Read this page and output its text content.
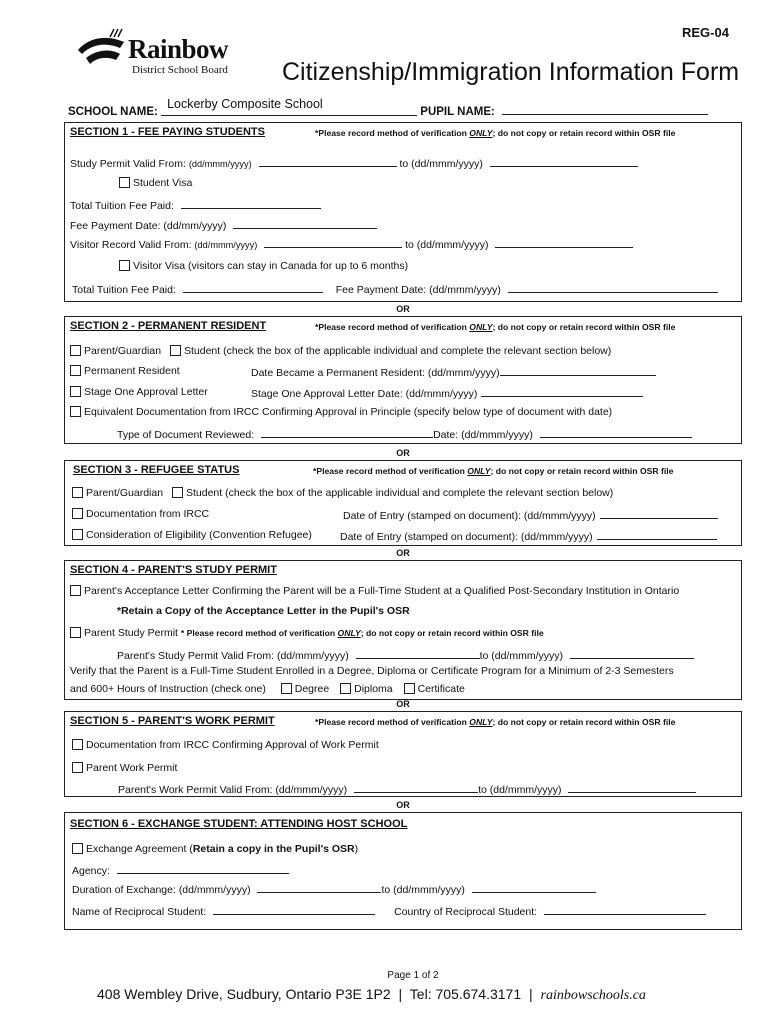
REG-04
Rainbow
District School Board Citizenship/Immigration Information Form
SCHOOL NAME:
Lockerby Composite School
PUPIL NAME:
SECTION 1 - FEE PAYING STUDENTS	*Please record method of verification ONLY; do not copy or retain record within OSR file
Study Permit Valid From: (dd/mmm/yyyy)	to (dd/mmm/yyyy)
Student Visa
Total Tuition Fee Paid:
Fee Payment Date: (dd/mm/yyyy)
Visitor Record Valid From: (dd/mmm/yyyy)	to (dd/mmm/yyyy)
Visitor Visa (visitors can stay in Canada for up to 6 months)
Total Tuition Fee Paid:	Fee Payment Date: (dd/mmm/yyyy)
OR
SECTION 2 - PERMANENT RESIDENT	*Please record method of verification ONLY; do not copy or retain record within OSR file
Parent/Guardian Student (check the box of the applicable individual and complete the relevant section below)
Permanent Resident	Date Became a Permanent Resident: (dd/mmm/yyyy)
Stage One Approval Letter	Stage One Approval Letter Date: (dd/mmm/yyyy)
Equivalent Documentation from IRCC Confirming Approval in Principle (specify below type of document with date)
Type of Document Reviewed:	Date: (dd/mmm/yyyy)
OR
SECTION 3 - REFUGEE STATUS	*Please record method of verification ONLY; do not copy or retain record within OSR file
Parent/Guardian Student (check the box of the applicable individual and complete the relevant section below)
Documentation from IRCC	Date of Entry (stamped on document): (dd/mmm/yyyy)
Consideration of Eligibility (Convention Refugee)	Date of Entry (stamped on document): (dd/mmm/yyyy)
OR
SECTION 4 - PARENT'S STUDY PERMIT
Parent's Acceptance Letter Confirming the Parent will be a Full-Time Student at a Qualified Post-Secondary Institution in Ontario
*Retain a Copy of the Acceptance Letter in the Pupil's OSR
Parent Study Permit * Please record method of verification ONLY; do not copy or retain record within OSR file
Parent's Study Permit Valid From: (dd/mmm/yyyy)	to (dd/mmm/yyyy)
Verify that the Parent is a Full-Time Student Enrolled in a Degree, Diploma or Certificate Program for a Minimum of 2-3 Semesters
and 600+ Hours of Instruction (check one)	Degree Diploma Certificate
OR
SECTION 5 - PARENT'S WORK PERMIT	*Please record method of verification ONLY; do not copy or retain record within OSR file
Documentation from IRCC Confirming Approval of Work Permit
Parent Work Permit
Parent's Work Permit Valid From: (dd/mmm/yyyy)	to (dd/mmm/yyyy)
OR
SECTION 6 - EXCHANGE STUDENT: ATTENDING HOST SCHOOL
Exchange Agreement (Retain a copy in the Pupil's OSR)
Agency:
Duration of Exchange: (dd/mmm/yyyy)	to (dd/mmm/yyyy)
Name of Reciprocal Student:	Country of Reciprocal Student:
Page 1 of 2
408 Wembley Drive, Sudbury, Ontario P3E 1P2 | Tel: 705.674.3171 | rainbowschools.ca
